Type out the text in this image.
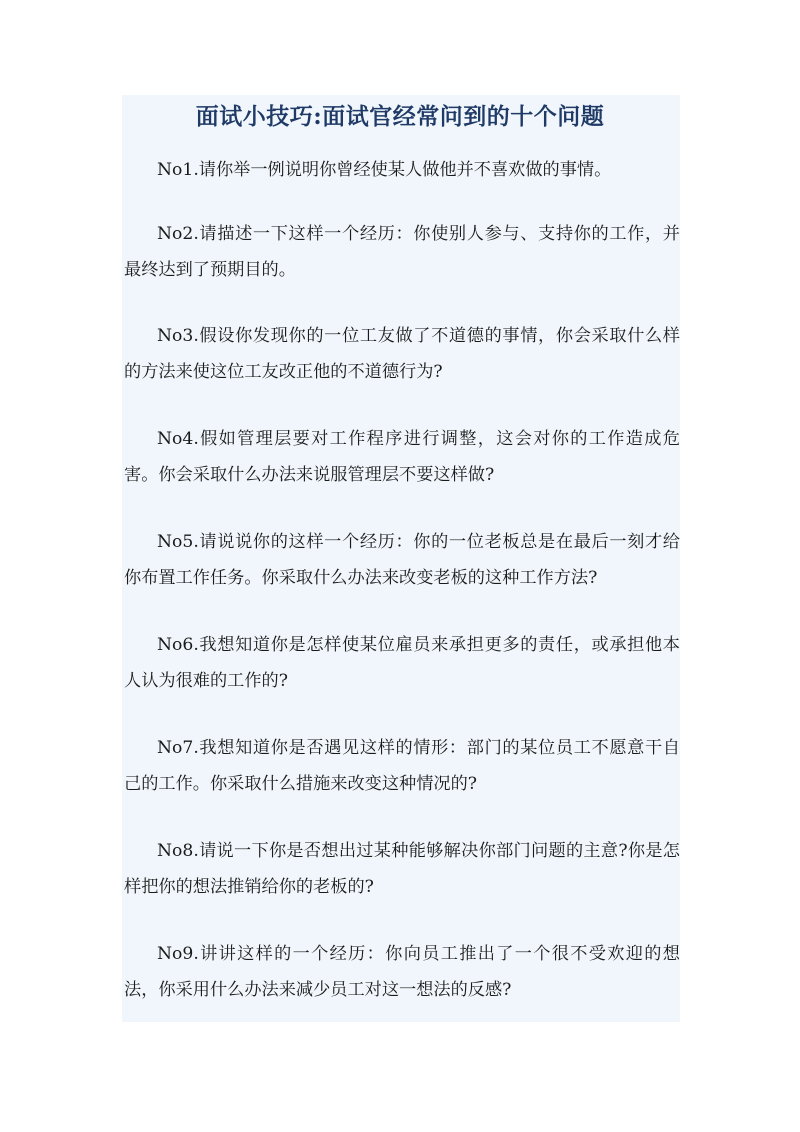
面试小技巧:面试官经常问到的十个问题

No1.请你举一例说明你曾经使某人做他并不喜欢做的事情。

No2.请描述一下这样一个经历：你使别人参与、支持你的工作，并最终达到了预期目的。

No3.假设你发现你的一位工友做了不道德的事情，你会采取什么样的方法来使这位工友改正他的不道德行为?

No4.假如管理层要对工作程序进行调整，这会对你的工作造成危害。你会采取什么办法来说服管理层不要这样做?

No5.请说说你的这样一个经历：你的一位老板总是在最后一刻才给你布置工作任务。你采取什么办法来改变老板的这种工作方法?

No6.我想知道你是怎样使某位雇员来承担更多的责任，或承担他本人认为很难的工作的?

No7.我想知道你是否遇见这样的情形：部门的某位员工不愿意干自己的工作。你采取什么措施来改变这种情况的?

No8.请说一下你是否想出过某种能够解决你部门问题的主意?你是怎样把你的想法推销给你的老板的?

No9.讲讲这样的一个经历：你向员工推出了一个很不受欢迎的想法，你采用什么办法来减少员工对这一想法的反感?
